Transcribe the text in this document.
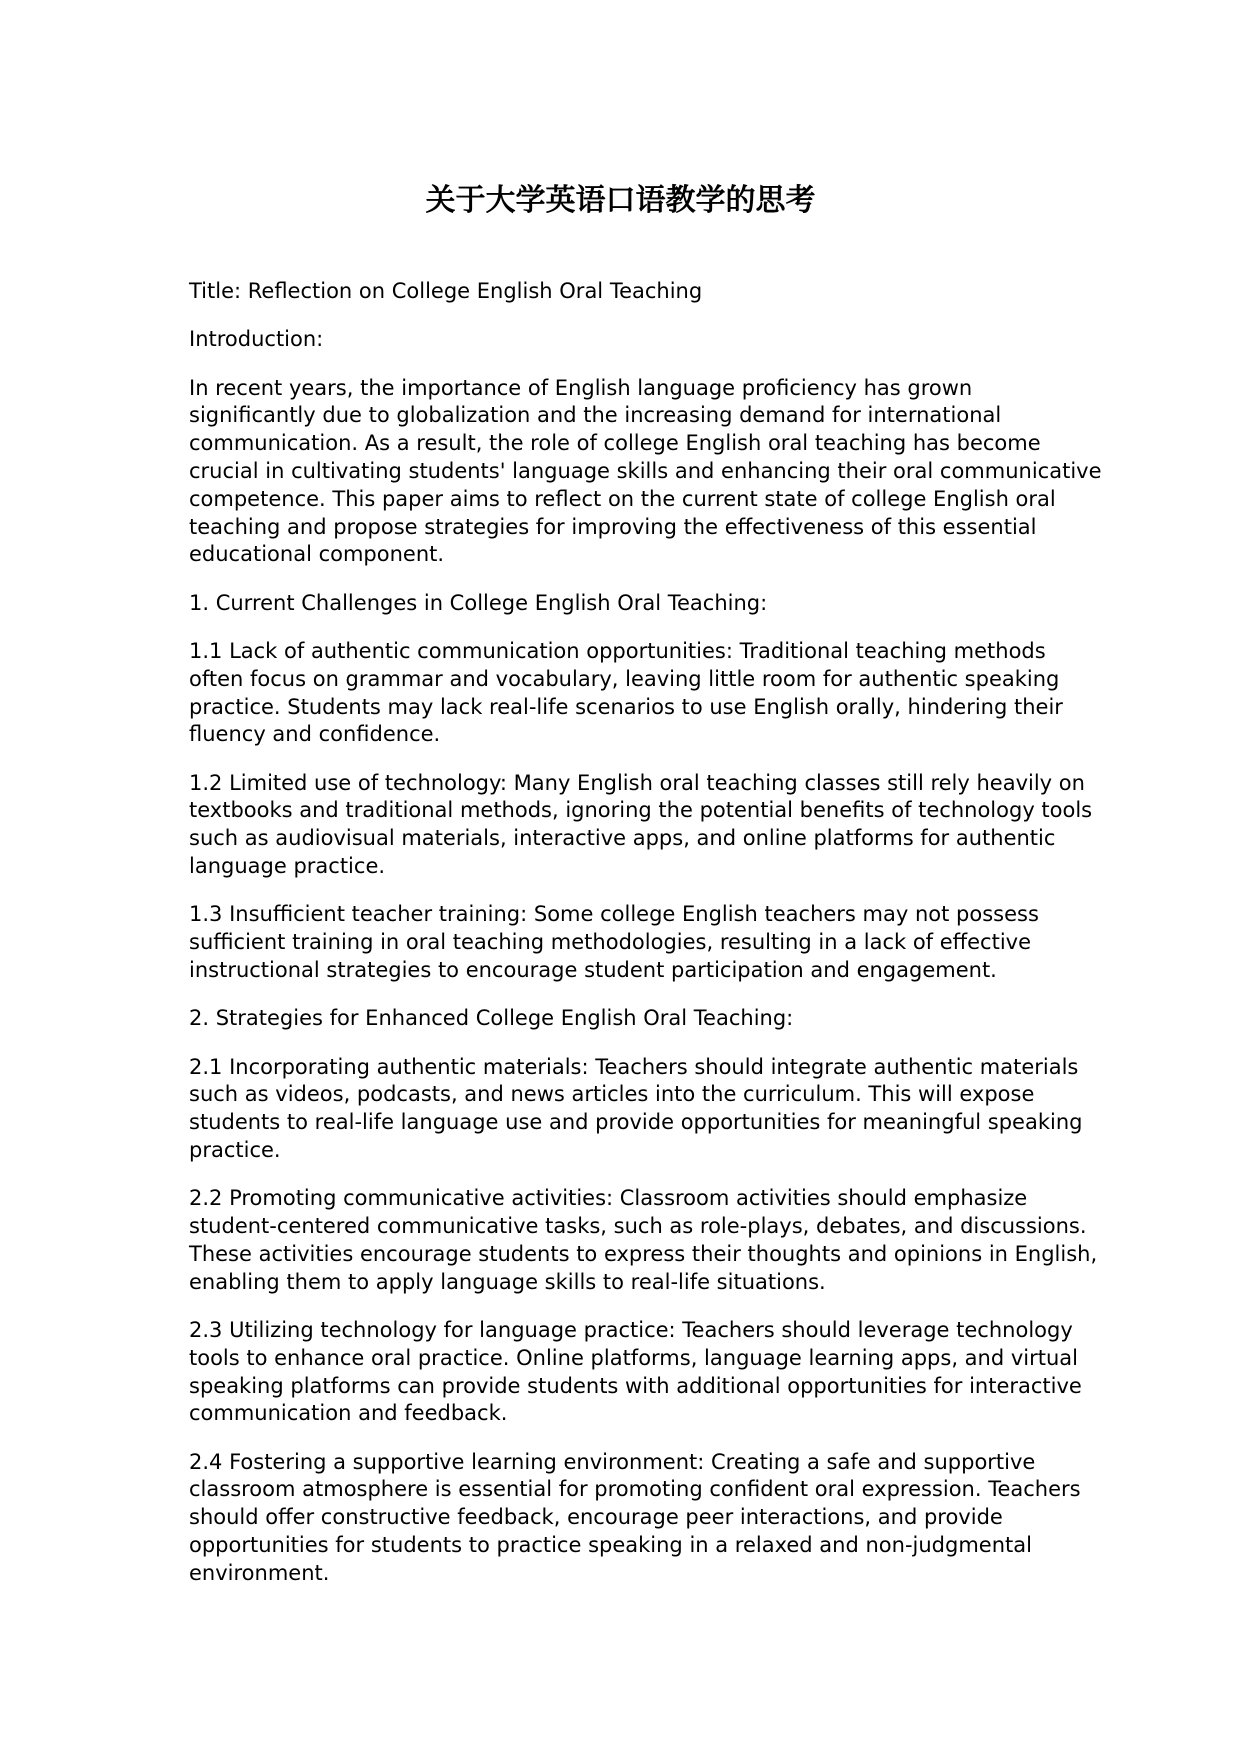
关于大学英语口语教学的思考

Title: Reflection on College English Oral Teaching

Introduction:

In recent years, the importance of English language proficiency has grown
significantly due to globalization and the increasing demand for international
communication. As a result, the role of college English oral teaching has become
crucial in cultivating students' language skills and enhancing their oral communicative
competence. This paper aims to reflect on the current state of college English oral
teaching and propose strategies for improving the effectiveness of this essential
educational component.

1. Current Challenges in College English Oral Teaching:

1.1 Lack of authentic communication opportunities: Traditional teaching methods
often focus on grammar and vocabulary, leaving little room for authentic speaking
practice. Students may lack real-life scenarios to use English orally, hindering their
fluency and confidence.

1.2 Limited use of technology: Many English oral teaching classes still rely heavily on
textbooks and traditional methods, ignoring the potential benefits of technology tools
such as audiovisual materials, interactive apps, and online platforms for authentic
language practice.

1.3 Insufficient teacher training: Some college English teachers may not possess
sufficient training in oral teaching methodologies, resulting in a lack of effective
instructional strategies to encourage student participation and engagement.

2. Strategies for Enhanced College English Oral Teaching:

2.1 Incorporating authentic materials: Teachers should integrate authentic materials
such as videos, podcasts, and news articles into the curriculum. This will expose
students to real-life language use and provide opportunities for meaningful speaking
practice.

2.2 Promoting communicative activities: Classroom activities should emphasize
student-centered communicative tasks, such as role-plays, debates, and discussions.
These activities encourage students to express their thoughts and opinions in English,
enabling them to apply language skills to real-life situations.

2.3 Utilizing technology for language practice: Teachers should leverage technology
tools to enhance oral practice. Online platforms, language learning apps, and virtual
speaking platforms can provide students with additional opportunities for interactive
communication and feedback.

2.4 Fostering a supportive learning environment: Creating a safe and supportive
classroom atmosphere is essential for promoting confident oral expression. Teachers
should offer constructive feedback, encourage peer interactions, and provide
opportunities for students to practice speaking in a relaxed and non-judgmental
environment.
